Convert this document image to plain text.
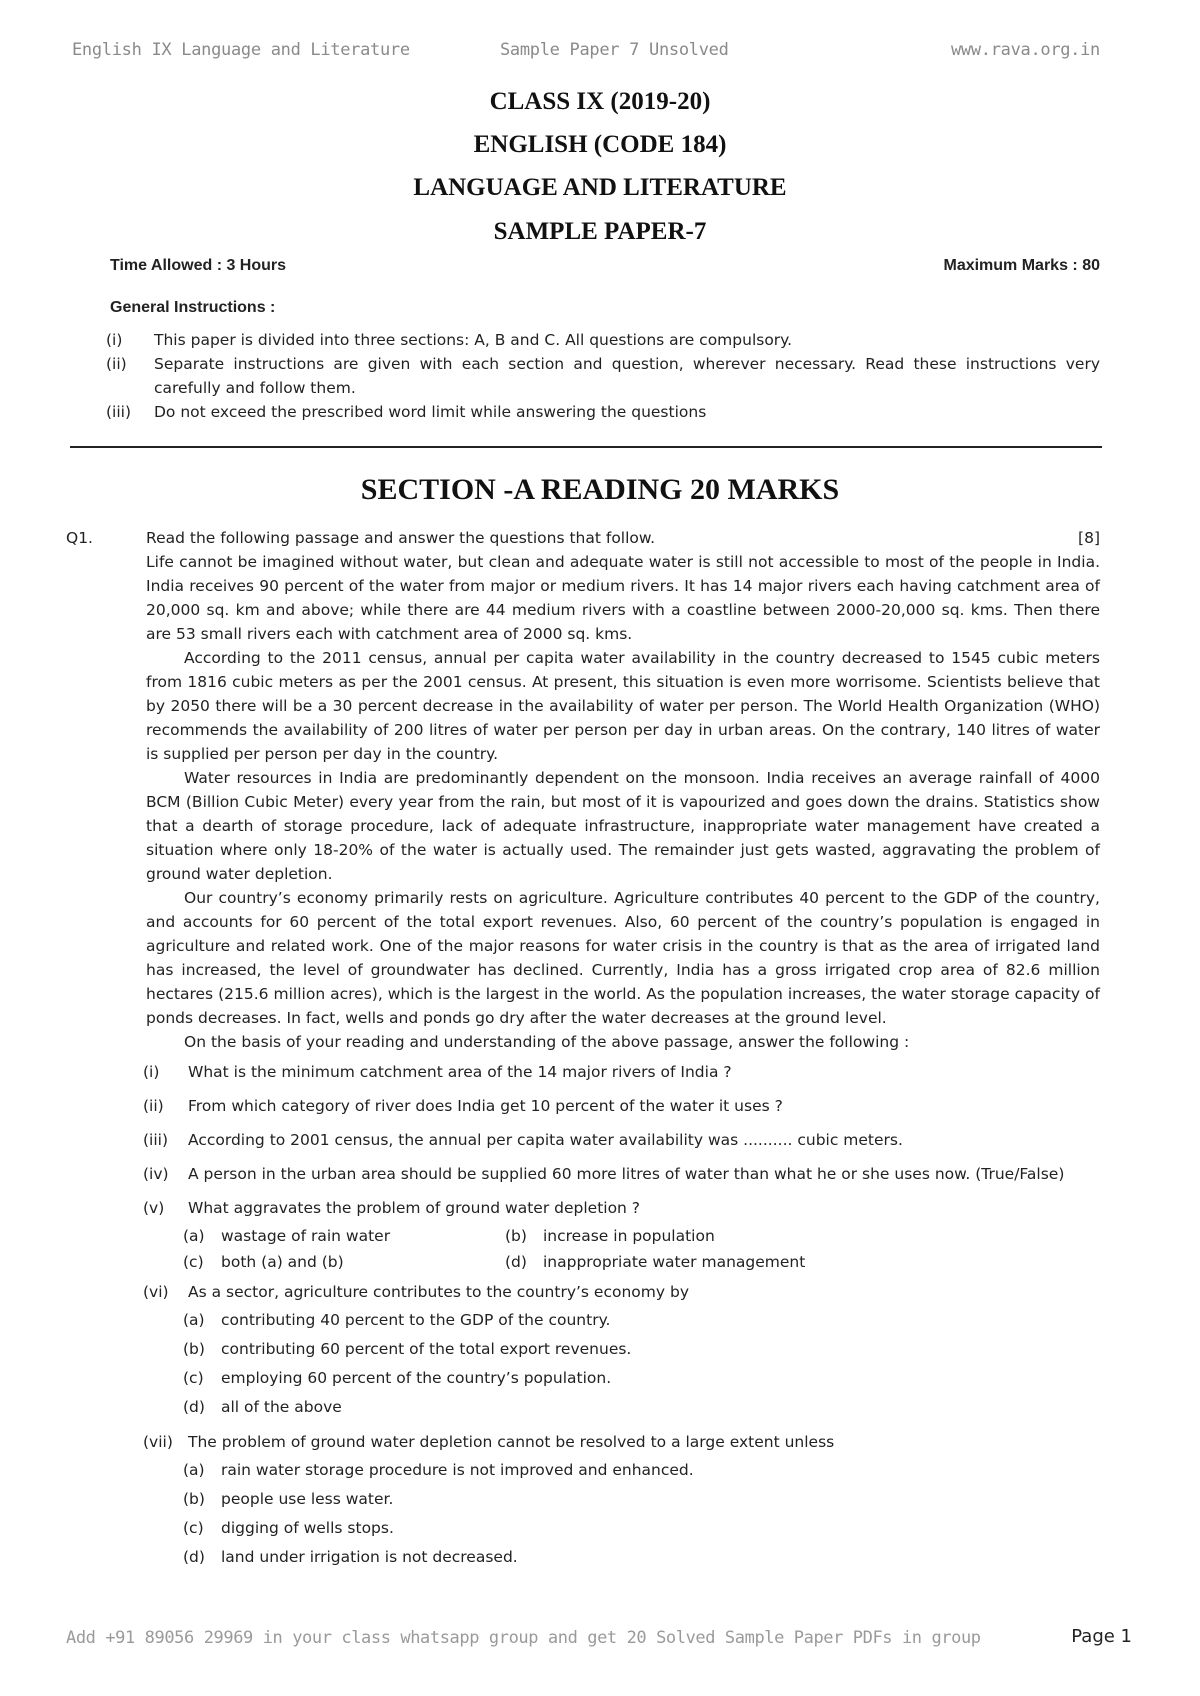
English IX Language and Literature	Sample Paper 7 Unsolved	www.rava.org.in
CLASS IX (2019-20)
ENGLISH (CODE 184)
LANGUAGE AND LITERATURE
SAMPLE PAPER-7
Time Allowed : 3 Hours	Maximum Marks : 80
General Instructions :
(i)	This paper is divided into three sections: A, B and C. All questions are compulsory.
(ii)	Separate instructions are given with each section and question, wherever necessary. Read these instructions very carefully and follow them.
(iii)	Do not exceed the prescribed word limit while answering the questions
SECTION -A READING 20 MARKS
Q1.	[8]

Read the following passage and answer the questions that follow.

Life cannot be imagined without water, but clean and adequate water is still not accessible to most of the people in India. India receives 90 percent of the water from major or medium rivers. It has 14 major rivers each having catchment area of 20,000 sq. km and above; while there are 44 medium rivers with a coastline between 2000-20,000 sq. kms. Then there are 53 small rivers each with catchment area of 2000 sq. kms.

According to the 2011 census, annual per capita water availability in the country decreased to 1545 cubic meters from 1816 cubic meters as per the 2001 census. At present, this situation is even more worrisome. Scientists believe that by 2050 there will be a 30 percent decrease in the availability of water per person. The World Health Organization (WHO) recommends the availability of 200 litres of water per person per day in urban areas. On the contrary, 140 litres of water is supplied per person per day in the country.

Water resources in India are predominantly dependent on the monsoon. India receives an average rainfall of 4000 BCM (Billion Cubic Meter) every year from the rain, but most of it is vapourized and goes down the drains. Statistics show that a dearth of storage procedure, lack of adequate infrastructure, inappropriate water management have created a situation where only 18-20% of the water is actually used. The remainder just gets wasted, aggravating the problem of ground water depletion.

Our country’s economy primarily rests on agriculture. Agriculture contributes 40 percent to the GDP of the country, and accounts for 60 percent of the total export revenues. Also, 60 percent of the country’s population is engaged in agriculture and related work. One of the major reasons for water crisis in the country is that as the area of irrigated land has increased, the level of groundwater has declined. Currently, India has a gross irrigated crop area of 82.6 million hectares (215.6 million acres), which is the largest in the world. As the population increases, the water storage capacity of ponds decreases. In fact, wells and ponds go dry after the water decreases at the ground level.

On the basis of your reading and understanding of the above passage, answer the following :

(i)	What is the minimum catchment area of the 14 major rivers of India ?
(ii)	From which category of river does India get 10 percent of the water it uses ?
(iii)	According to 2001 census, the annual per capita water availability was .......... cubic meters.
(iv)	A person in the urban area should be supplied 60 more litres of water than what he or she uses now. (True/False)
(v)	What aggravates the problem of ground water depletion ?
(a)	wastage of rain water	(b)	increase in population
(c)	both (a) and (b)	(d)	inappropriate water management
(vi)	As a sector, agriculture contributes to the country’s economy by
(a)	contributing 40 percent to the GDP of the country.
(b)	contributing 60 percent of the total export revenues.
(c)	employing 60 percent of the country’s population.
(d)	all of the above
(vii) The problem of ground water depletion cannot be resolved to a large extent unless
(a)	rain water storage procedure is not improved and enhanced.
(b)	people use less water.
(c)	digging of wells stops.
(d)	land under irrigation is not decreased.
Add +91 89056 29969 in your class whatsapp group and get 20 Solved Sample Paper PDFs in group	Page 1
